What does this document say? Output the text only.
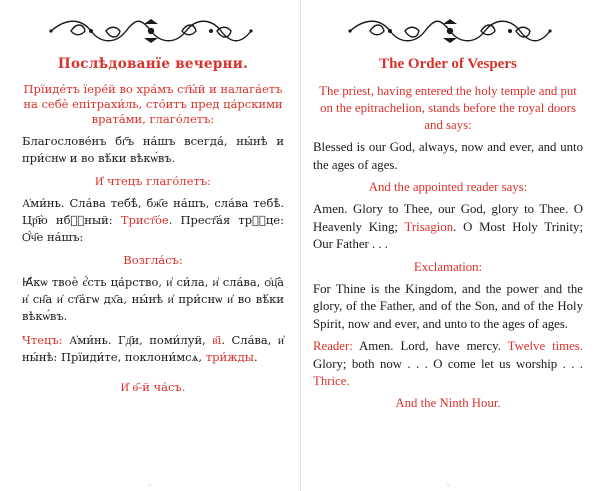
Послѣдованїе вечерни.
Прїиде́тъ їере́й во хра́мъ ст҃ы́й и налага́етъ на себѐ епітрахи́ль, сто́итъ пред ца́рскими врата́ми, глаго́летъ:
Благослове́нъ бг҃ъ на́шъ всегда́, ны́нѣ и при́снѡ и во вѣ́ки вѣкѡ́въ.
И҆ чтецъ глаго́летъ:
А҆ми́нь. Сла́ва тебѣ̀, бж҃е на́шъ, сла́ва тебѣ̀. Цр҃ю̀ нбⷭ҇ный: Трист҃о́е. Прест҃а́я трⷪ҇це: Ѻ҆́ч҃е на́шъ:
Возгла́съ:
Ꙗ҆́кѡ твоѐ є҆́сть ца́рство, и҆ си́ла, и҆ сла́ва, ѻ҆ц҃а̀ и҆ сн҃а и҆ ст҃а́гѡ дх҃а, ны́нѣ и҆ при́снѡ и҆ во вѣ́ки вѣкѡ́въ.
Чтецъ: А҆ми́нь. Гд҃и, поми́луй, в҃і. Сла́ва, и҆ ны́нѣ: Прїиди́те, поклони́мсѧ, три́жды.
И҆ ѳ҃-й ча́съ.
ᵛ
The Order of Vespers
The priest, having entered the holy temple and put on the epitrachelion, stands before the royal doors and says:
Blessed is our God, always, now and ever, and unto the ages of ages.
And the appointed reader says:
Amen. Glory to Thee, our God, glory to Thee. O Heavenly King; Trisagion. O Most Holy Trinity; Our Father . . .
Exclamation:
For Thine is the Kingdom, and the power and the glory, of the Father, and of the Son, and of the Holy Spirit, now and ever, and unto to the ages of ages.
Reader: Amen. Lord, have mercy. Twelve times. Glory; both now . . . O come let us worship . . . Thrice.
And the Ninth Hour.
ᵛ
